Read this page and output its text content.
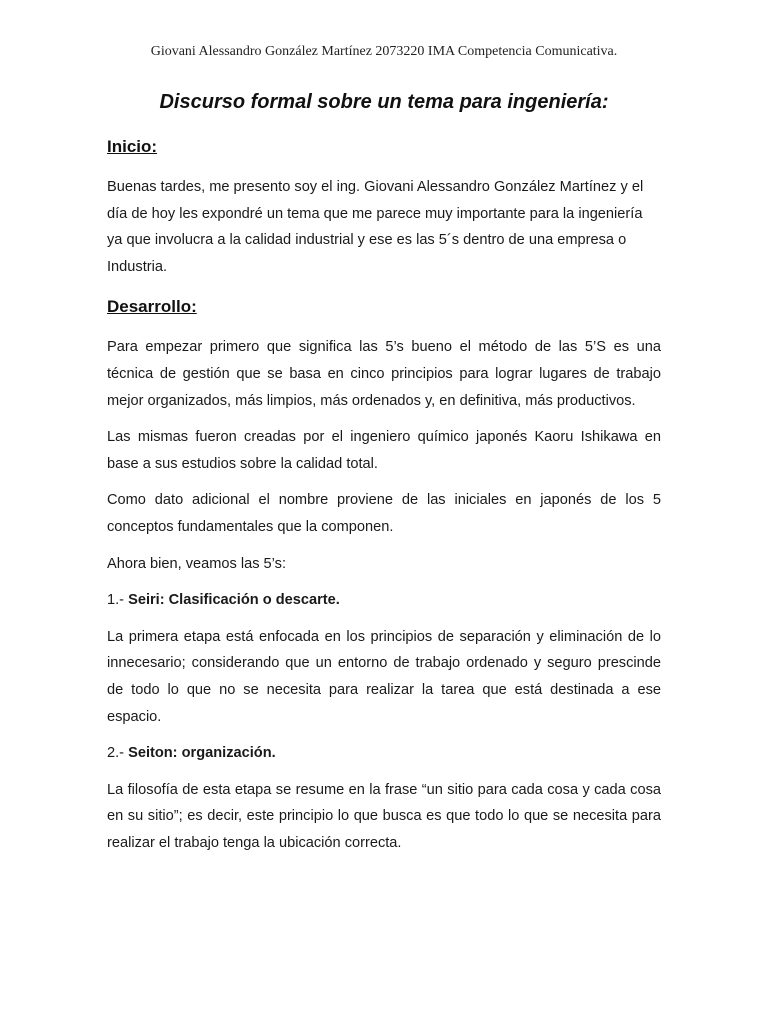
Giovani Alessandro González Martínez 2073220 IMA Competencia Comunicativa.
Discurso formal sobre un tema para ingeniería:
Inicio:

Buenas tardes, me presento soy el ing. Giovani Alessandro González Martínez y el día de hoy les expondré un tema que me parece muy importante para la ingeniería ya que involucra a la calidad industrial y ese es las 5´s dentro de una empresa o Industria.

Desarrollo:

Para empezar primero que significa las 5’s bueno el método de las 5’S es una técnica de gestión que se basa en cinco principios para lograr lugares de trabajo mejor organizados, más limpios, más ordenados y, en definitiva, más productivos.

Las mismas fueron creadas por el ingeniero químico japonés Kaoru Ishikawa en base a sus estudios sobre la calidad total.

Como dato adicional el nombre proviene de las iniciales en japonés de los 5 conceptos fundamentales que la componen.

Ahora bien, veamos las 5’s:

1.- Seiri: Clasificación o descarte.

La primera etapa está enfocada en los principios de separación y eliminación de lo innecesario; considerando que un entorno de trabajo ordenado y seguro prescinde de todo lo que no se necesita para realizar la tarea que está destinada a ese espacio.

2.- Seiton: organización.

La filosofía de esta etapa se resume en la frase “un sitio para cada cosa y cada cosa en su sitio”; es decir, este principio lo que busca es que todo lo que se necesita para realizar el trabajo tenga la ubicación correcta.
